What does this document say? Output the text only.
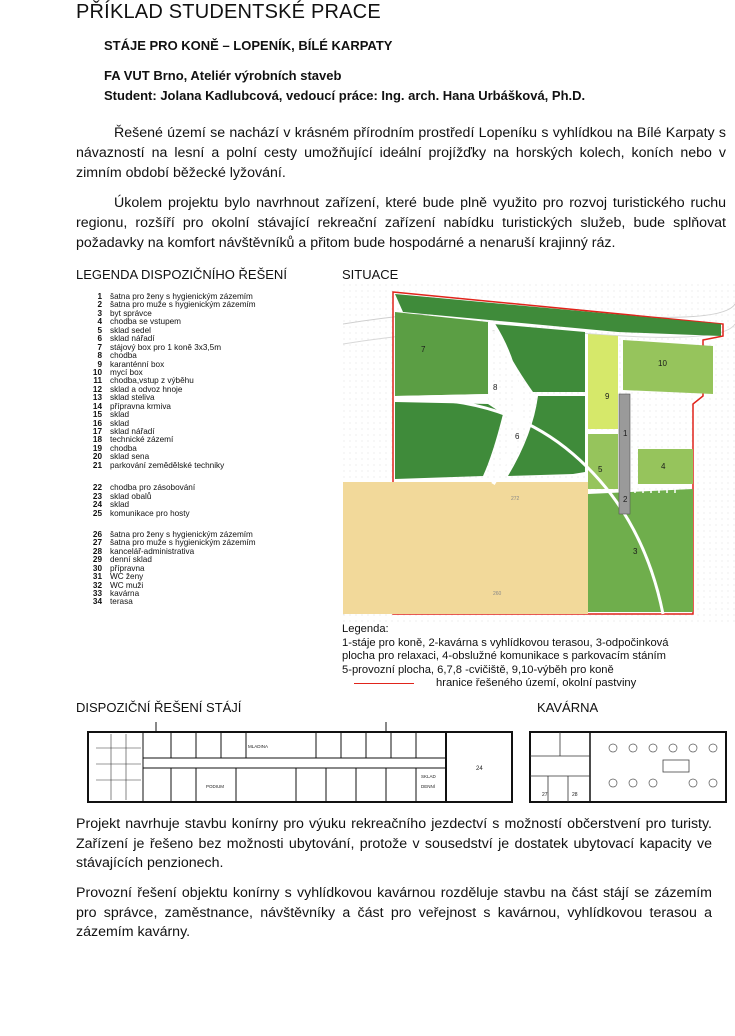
PŘÍKLAD STUDENTSKÉ PRACE
STÁJE PRO KONĚ – LOPENÍK, BÍLÉ KARPATY
FA VUT Brno, Ateliér výrobních staveb
Student: Jolana Kadlubcová, vedoucí práce: Ing. arch. Hana Urbášková, Ph.D.
Řešené území se nachází v krásném přírodním prostředí Lopeníku s vyhlídkou na Bílé Karpaty s návazností na lesní a polní cesty umožňující ideální projížďky na horských kolech, koních nebo v zimním období běžecké lyžování.
Úkolem projektu bylo navrhnout zařízení, které bude plně využito pro rozvoj turistického ruchu regionu, rozšíří pro okolní stávající rekreační zařízení nabídku turistických služeb, bude splňovat požadavky na komfort návštěvníků a přitom bude hospodárné a nenaruší krajinný ráz.
LEGENDA DISPOZIČNÍHO ŘEŠENÍ	SITUACE
1 šatna pro ženy s hygienickým zázemím
2 šatna pro muže s hygienickým zázemím
3 byt správce
4 chodba se vstupem
5 sklad sedel
6 sklad nářadí
7 stájový box pro 1 koně 3x3,5m
8 chodba
9 karanténní box
10 mycí box
11 chodba,vstup z výběhu
12 sklad a odvoz hnoje
13 sklad steliva
14 přípravna krmiva
15 sklad
16 sklad
17 sklad nářadí
18 technické zázemí
19 chodba
20 sklad sena
21 parkování zemědělské techniky
22 chodba pro zásobování
23 sklad obalů
24 sklad
25 komunikace pro hosty
26 šatna pro ženy s hygienickým zázemím
27 šatna pro muže s hygienickým zázemím
28 kancelář-administrativa
29 denní sklad
30 přípravna
31 WC ženy
32 WC muži
33 kavárna
34 terasa
7
8
6
9
10
1
5	4
2
3
272
260
Legenda:
1-stáje pro koně, 2-kavárna s vyhlídkovou terasou, 3-odpočinková
plocha pro relaxaci, 4-obslužné komunikace s parkovacím stáním
5-provozní plocha, 6,7,8 -cvičiště, 9,10-výběh pro koně
hranice řešeného území, okolní pastviny
DISPOZIČNÍ ŘEŠENÍ STÁJÍ	KAVÁRNA
MLADINA
PODIUM
SKLAD
DENNÍ
24
27	28
Projekt navrhuje stavbu konírny pro výuku rekreačního jezdectví s možností občerstvení pro turisty. Zařízení je řešeno bez možnosti ubytování, protože v sousedství je dostatek ubytovací kapacity ve stávajících penzionech.
Provozní řešení objektu konírny s vyhlídkovou kavárnou rozděluje stavbu na část stájí se zázemím pro správce, zaměstnance, návštěvníky a část pro veřejnost s kavárnou, vyhlídkovou terasou a zázemím kavárny.
